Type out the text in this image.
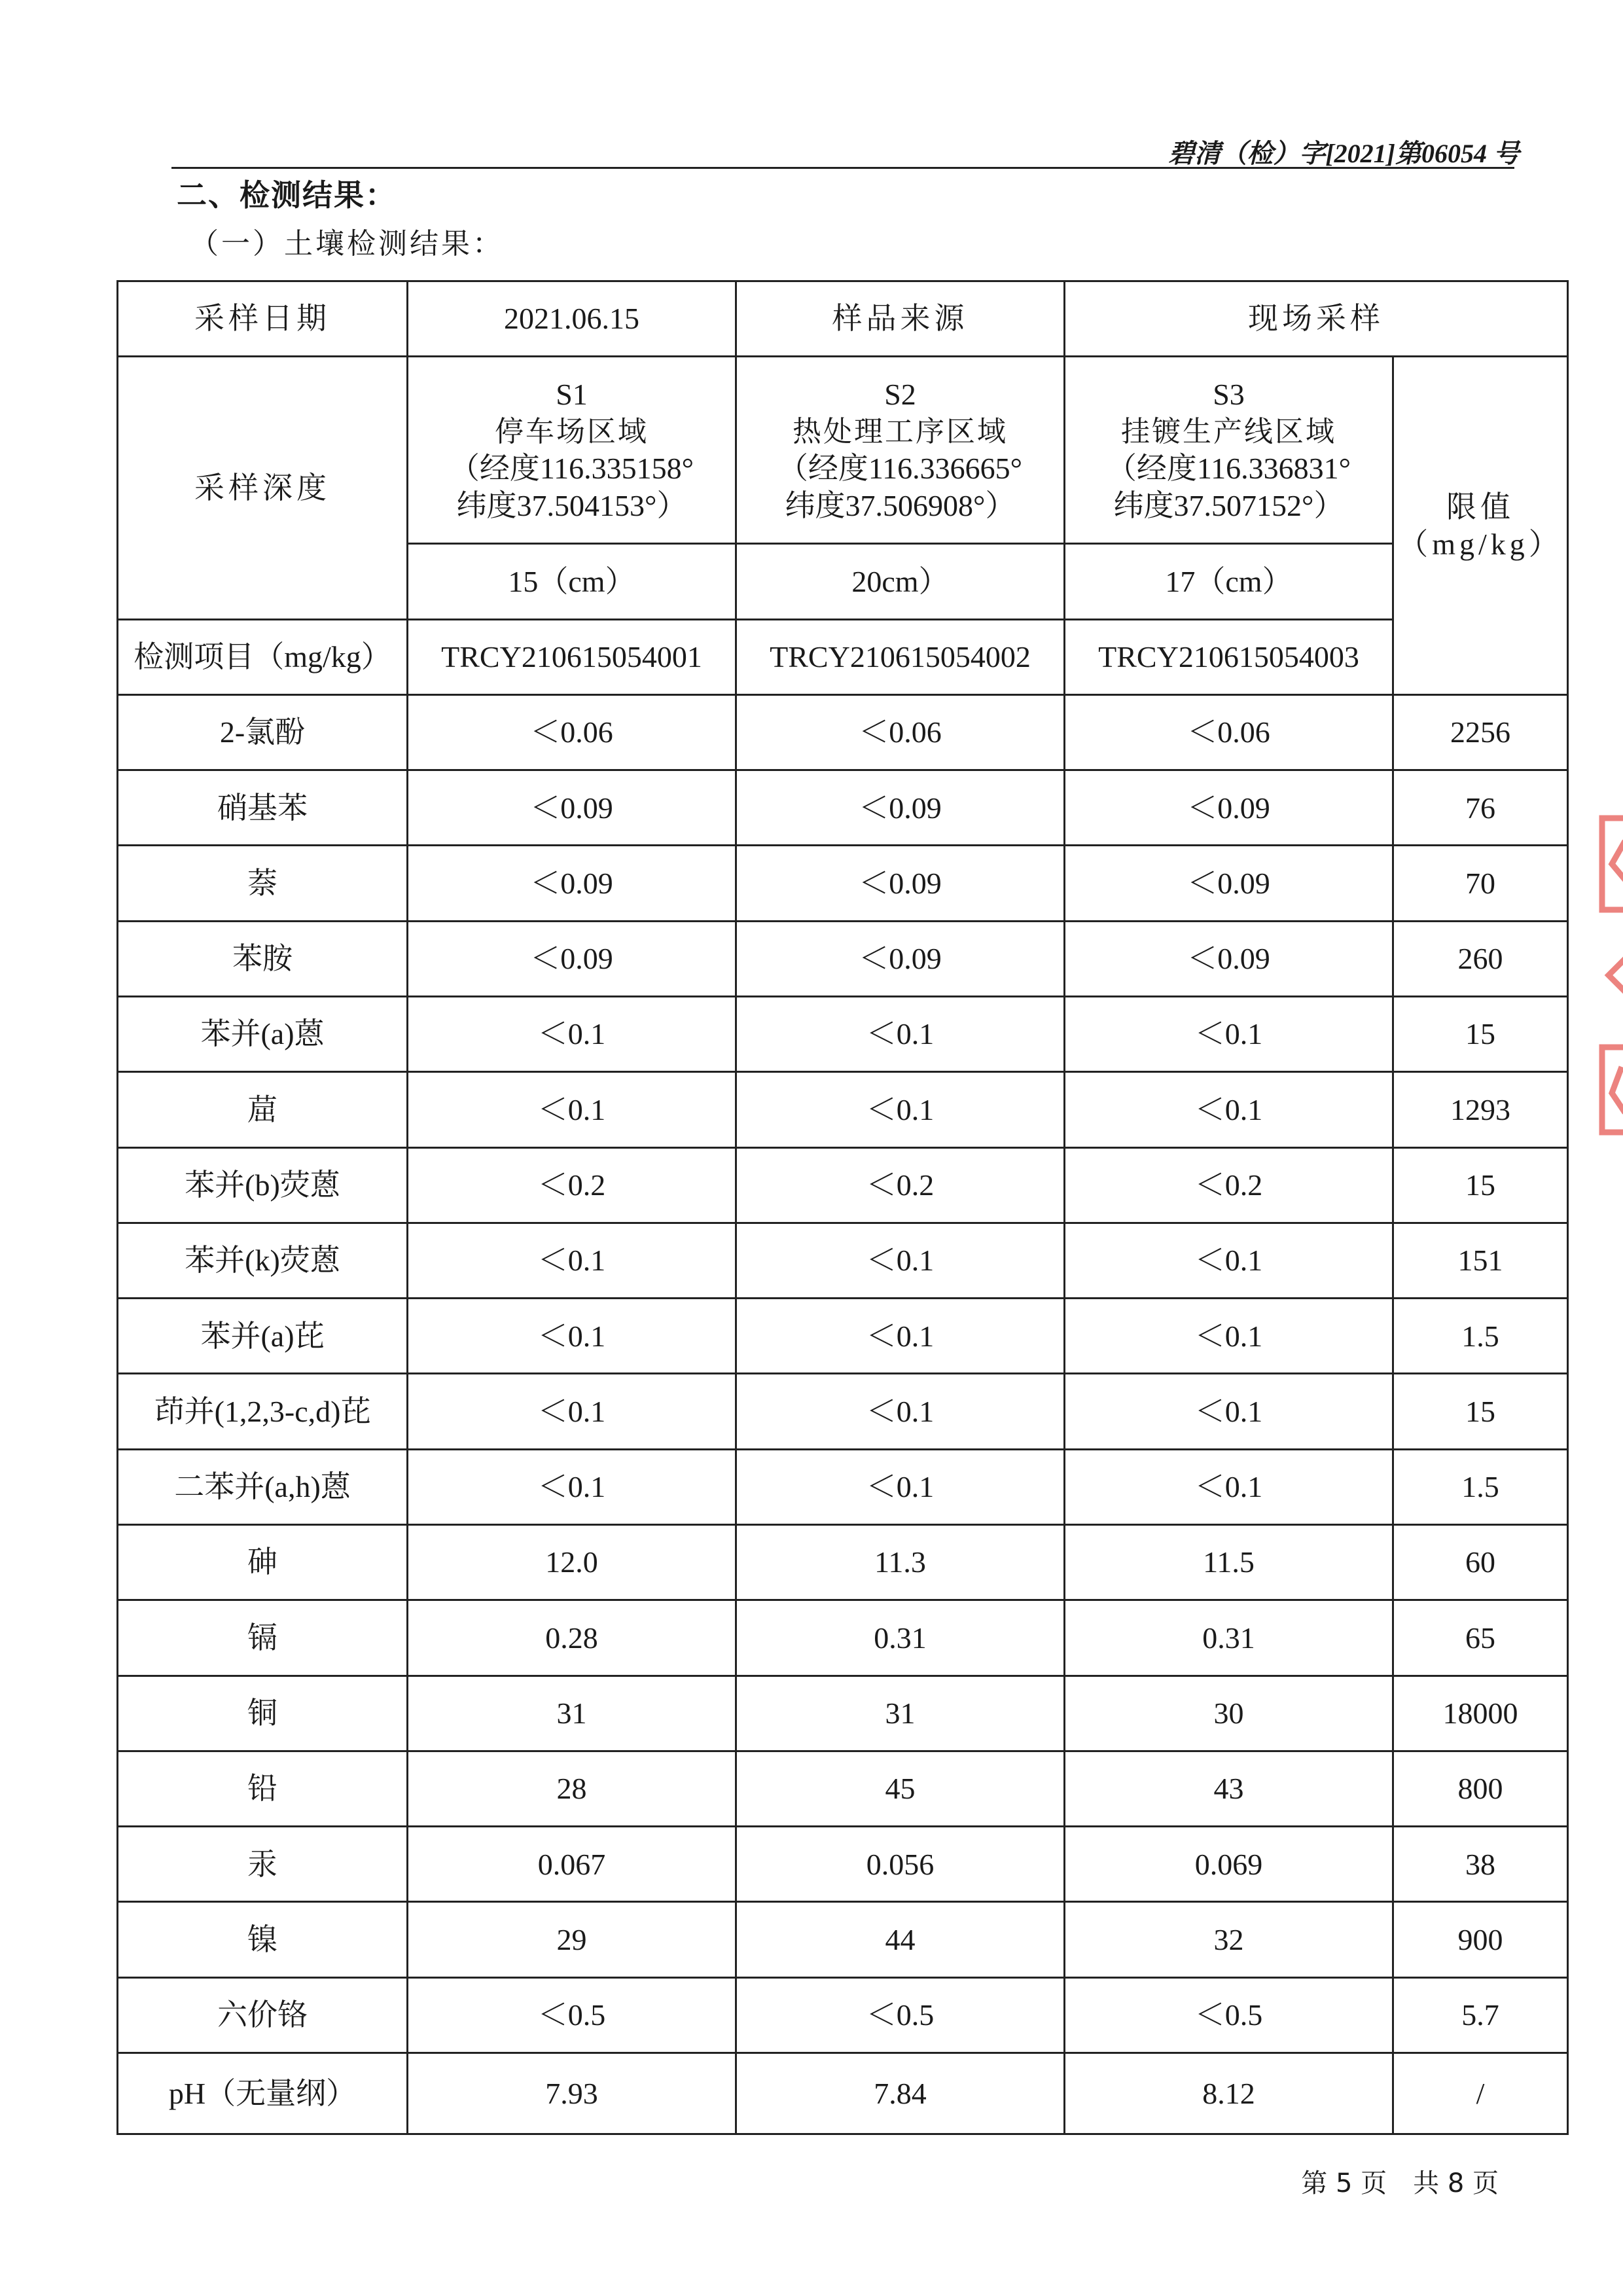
碧清（检）字[2021]第06054 号
二、检测结果：
（一）土壤检测结果：
采样日期	2021.06.15	样品来源	现场采样	
采样深度	S1
停车场区域
（经度116.335158°
纬度37.504153°）	S2
热处理工序区域
（经度116.336665°
纬度37.506908°）	S3
挂镀生产线区域
（经度116.336831°
纬度37.507152°）	限值
（mg/kg）

	15（cm）	20cm）	17（cm）	
检测项目（mg/kg）	TRCY210615054001	TRCY210615054002	TRCY210615054003	
2-氯酚	＜0.06	＜0.06	＜0.06	2256
硝基苯	＜0.09	＜0.09	＜0.09	76
萘	＜0.09	＜0.09	＜0.09	70
苯胺	＜0.09	＜0.09	＜0.09	260
苯并(a)蒽	＜0.1	＜0.1	＜0.1	15
䓛	＜0.1	＜0.1	＜0.1	1293
苯并(b)荧蒽	＜0.2	＜0.2	＜0.2	15
苯并(k)荧蒽	＜0.1	＜0.1	＜0.1	151
苯并(a)芘	＜0.1	＜0.1	＜0.1	1.5
茚并(1,2,3-c,d)芘	＜0.1	＜0.1	＜0.1	15
二苯并(a,h)蒽	＜0.1	＜0.1	＜0.1	1.5
砷	12.0	11.3	11.5	60
镉	0.28	0.31	0.31	65
铜	31	31	30	18000
铅	28	45	43	800
汞	0.067	0.056	0.069	38
镍	29	44	32	900
六价铬	＜0.5	＜0.5	＜0.5	5.7
pH（无量纲）	7.93	7.84	8.12	/
第 5 页　共 8 页
